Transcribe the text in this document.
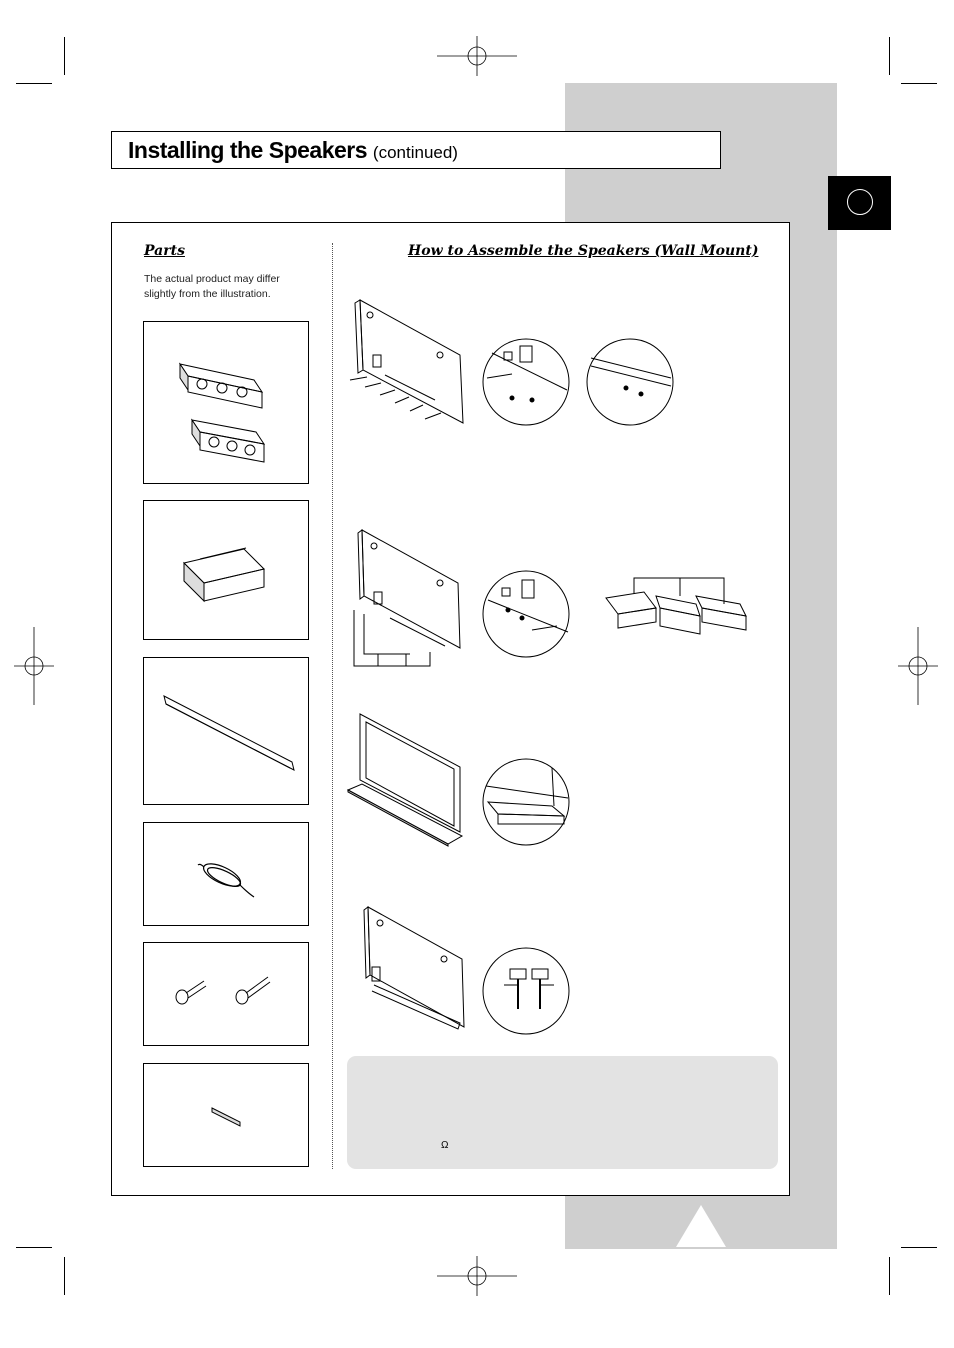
Installing the Speakers (continued)
Parts
The actual product may differ slightly from the illustration.
How to Assemble the Speakers (Wall Mount)
Ω
